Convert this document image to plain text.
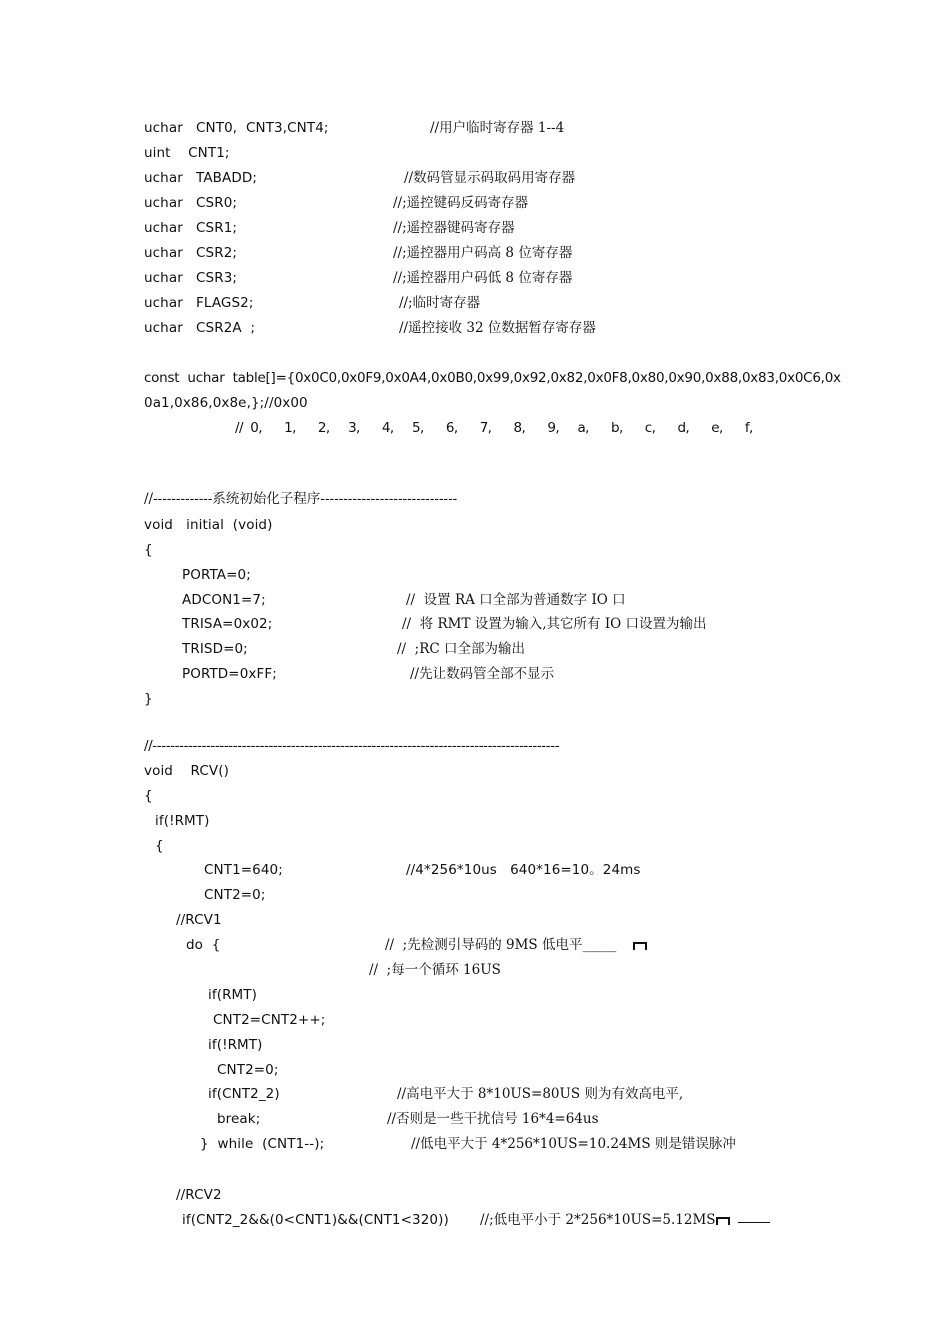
uchar   CNT0,  CNT3,CNT4;	//用户临时寄存器 1--4
uint    CNT1;
uchar   TABADD;	//数码管显示码取码用寄存器
uchar   CSR0;	//;遥控键码反码寄存器
uchar   CSR1;	//;遥控器键码寄存器
uchar   CSR2;	//;遥控器用户码高 8 位寄存器
uchar   CSR3;	//;遥控器用户码低 8 位寄存器
uchar   FLAGS2;	//;临时寄存器
uchar   CSR2A  ;	//遥控接收 32 位数据暂存寄存器
const  uchar  table[]={0x0C0,0x0F9,0x0A4,0x0B0,0x99,0x92,0x82,0x0F8,0x80,0x90,0x88,0x83,0x0C6,0x
0a1,0x86,0x8e,};//0x00
//  0,      1,      2,     3,      4,     5,      6,      7,      8,      9,     a,      b,      c,      d,      e,      f,
//-------------系统初始化子程序------------------------------
void   initial  (void)
{
PORTA=0;
ADCON1=7;	//  设置 RA 口全部为普通数字 IO 口
TRISA=0x02;	//  将 RMT 设置为输入,其它所有 IO 口设置为输出
TRISD=0;	//  ;RC 口全部为输出
PORTD=0xFF;	//先让数码管全部不显示
}
//-------------------------------------------------------------------------------------------
void    RCV()
{
if(!RMT)
{
CNT1=640;	//4*256*10us   640*16=10。24ms
CNT2=0;
//RCV1
do  {	//  ;先检测引导码的 9MS 低电平_____
//  ;每一个循环 16US
if(RMT)
CNT2=CNT2++;
if(!RMT)
CNT2=0;
if(CNT2_2)	//高电平大于 8*10US=80US 则为有效高电平,
break;	//否则是一些干扰信号 16*4=64us
}  while  (CNT1--);	//低电平大于 4*256*10US=10.24MS 则是错误脉冲
//RCV2
if(CNT2_2&&(0<CNT1)&&(CNT1<320)) //;低电平小于 2*256*10US=5.12MS
